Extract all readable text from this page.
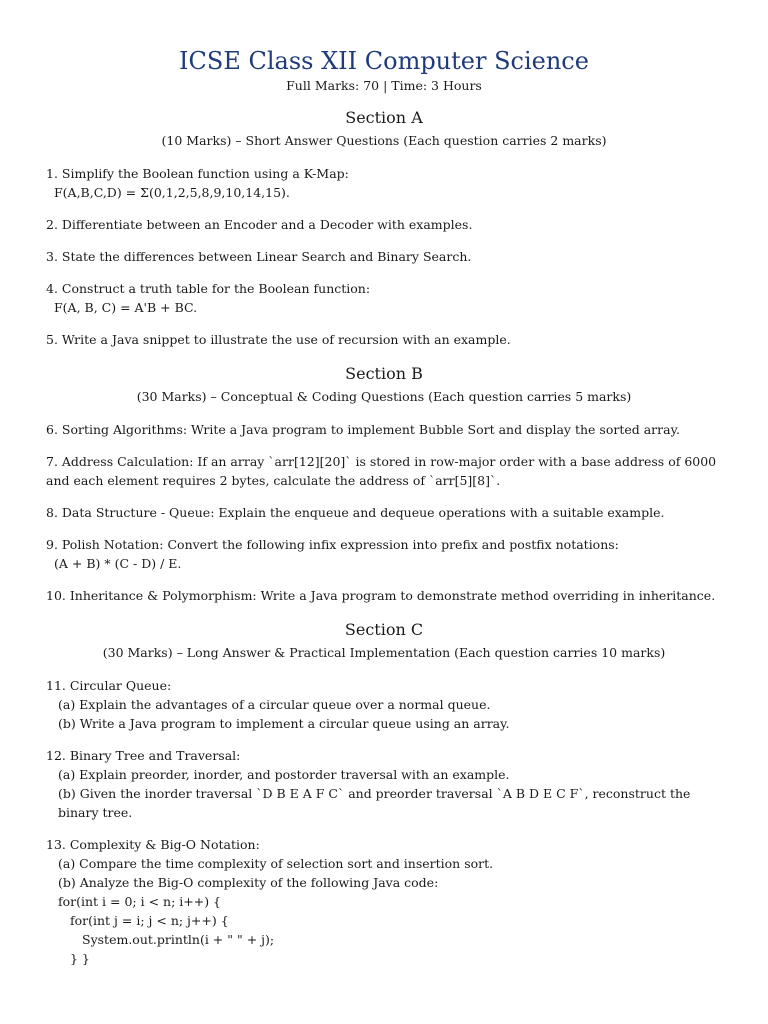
ICSE Class XII Computer Science

Full Marks: 70 | Time: 3 Hours

Section A

(10 Marks) – Short Answer Questions (Each question carries 2 marks)

1. Simplify the Boolean function using a K-Map:
F(A,B,C,D) = Σ(0,1,2,5,8,9,10,14,15).
2. Differentiate between an Encoder and a Decoder with examples.
3. State the differences between Linear Search and Binary Search.
4. Construct a truth table for the Boolean function:
F(A, B, C) = A'B + BC.
5. Write a Java snippet to illustrate the use of recursion with an example.
Section B

(30 Marks) – Conceptual & Coding Questions (Each question carries 5 marks)

6. Sorting Algorithms: Write a Java program to implement Bubble Sort and display the sorted array.
7. Address Calculation: If an array `arr[12][20]` is stored in row-major order with a base address of 6000 and each element requires 2 bytes, calculate the address of `arr[5][8]`.
8. Data Structure - Queue: Explain the enqueue and dequeue operations with a suitable example.
9. Polish Notation: Convert the following infix expression into prefix and postfix notations:
(A + B) * (C - D) / E.
10. Inheritance & Polymorphism: Write a Java program to demonstrate method overriding in inheritance.
Section C

(30 Marks) – Long Answer & Practical Implementation (Each question carries 10 marks)

11. Circular Queue:
(a) Explain the advantages of a circular queue over a normal queue.
(b) Write a Java program to implement a circular queue using an array.
12. Binary Tree and Traversal:
(a) Explain preorder, inorder, and postorder traversal with an example.
(b) Given the inorder traversal `D B E A F C` and preorder traversal `A B D E C F`, reconstruct the binary tree.
13. Complexity & Big-O Notation:
(a) Compare the time complexity of selection sort and insertion sort.
(b) Analyze the Big-O complexity of the following Java code:
for(int i = 0; i < n; i++) {
for(int j = i; j < n; j++) {
System.out.println(i + " " + j);
} }
